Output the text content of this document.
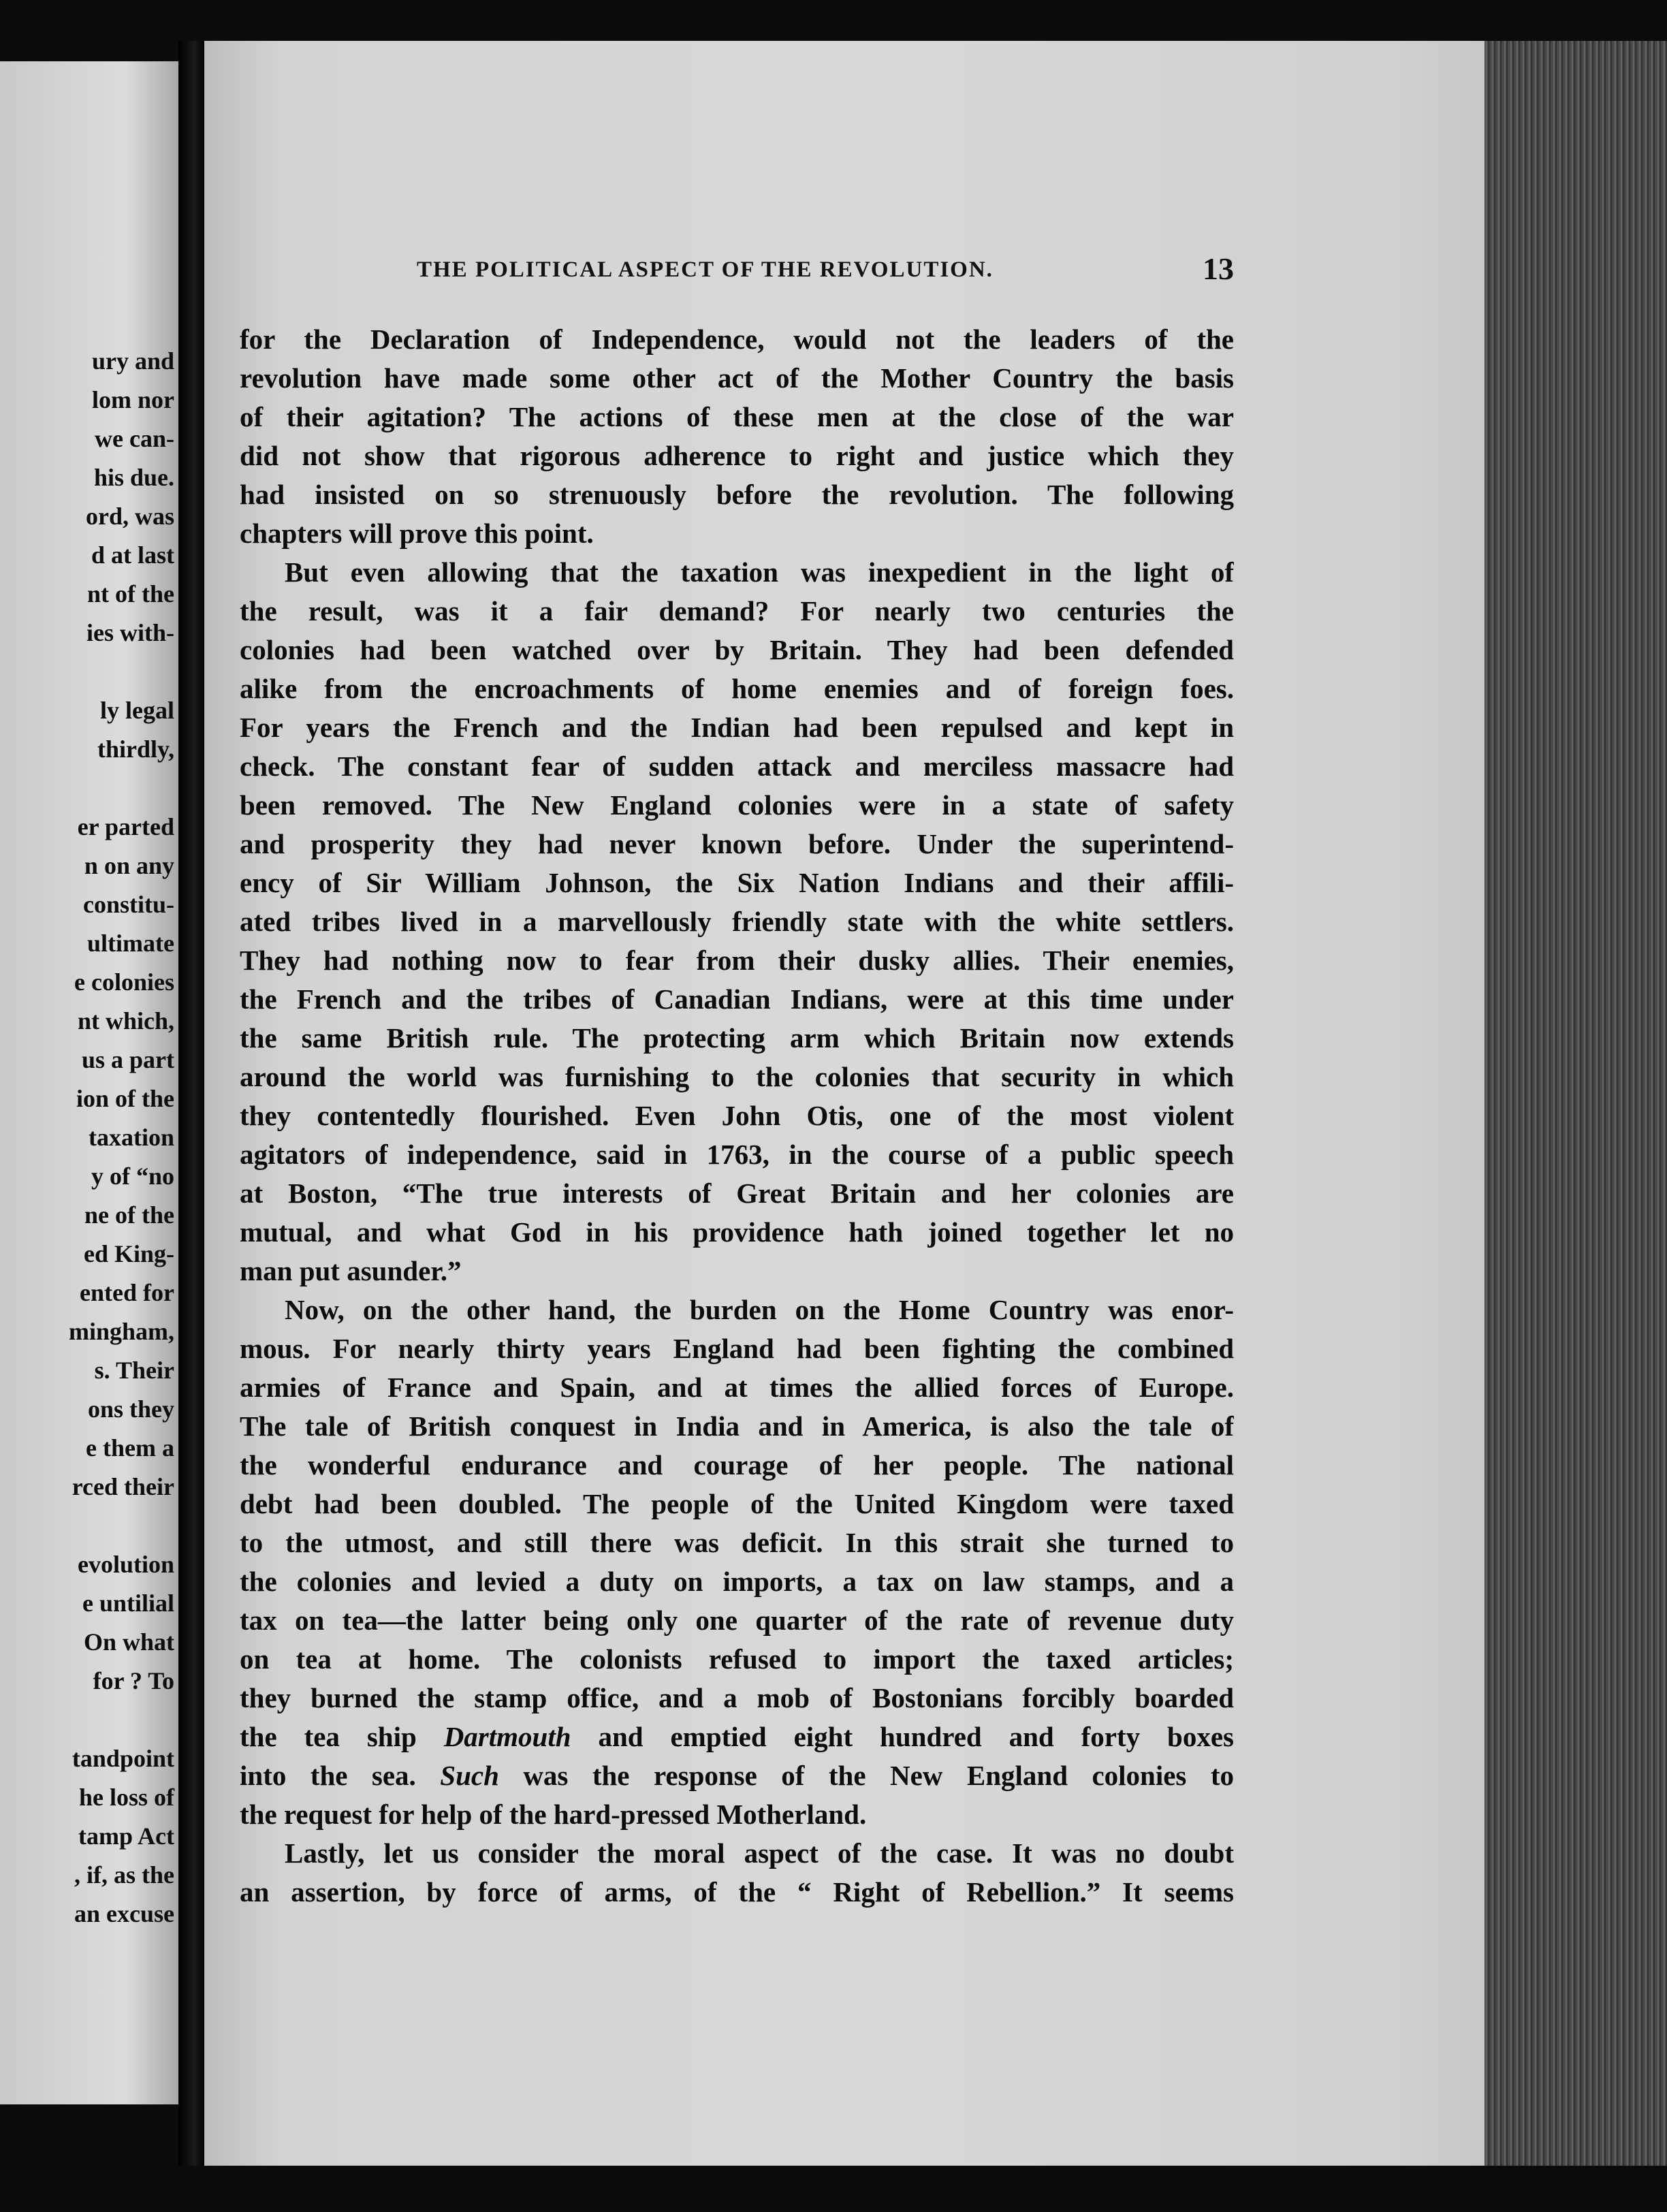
ury and
lom nor
we can-
his due.
ord, was
d at last
nt of the
ies with-
ly legal
thirdly,
er parted
n on any
constitu-
ultimate
e colonies
nt which,
us a part
ion of the
taxation
y of “no
ne of the
ed King-
ented for
mingham,
s. Their
ons they
e them a
rced their
evolution
e untilial
On what
for ? To
tandpoint
he loss of
tamp Act
, if, as the
an excuse
THE POLITICAL ASPECT OF THE REVOLUTION.	13
for the Declaration of Independence, would not the leaders of the
revolution have made some other act of the Mother Country the basis
of their agitation? The actions of these men at the close of the war
did not show that rigorous adherence to right and justice which they
had insisted on so strenuously before the revolution. The following
chapters will prove this point.
But even allowing that the taxation was inexpedient in the light of
the result, was it a fair demand? For nearly two centuries the
colonies had been watched over by Britain. They had been defended
alike from the encroachments of home enemies and of foreign foes.
For years the French and the Indian had been repulsed and kept in
check. The constant fear of sudden attack and merciless massacre had
been removed. The New England colonies were in a state of safety
and prosperity they had never known before. Under the superintend-
ency of Sir William Johnson, the Six Nation Indians and their affili-
ated tribes lived in a marvellously friendly state with the white settlers.
They had nothing now to fear from their dusky allies. Their enemies,
the French and the tribes of Canadian Indians, were at this time under
the same British rule. The protecting arm which Britain now extends
around the world was furnishing to the colonies that security in which
they contentedly flourished. Even John Otis, one of the most violent
agitators of independence, said in 1763, in the course of a public speech
at Boston, “The true interests of Great Britain and her colonies are
mutual, and what God in his providence hath joined together let no
man put asunder.”
Now, on the other hand, the burden on the Home Country was enor-
mous. For nearly thirty years England had been fighting the combined
armies of France and Spain, and at times the allied forces of Europe.
The tale of British conquest in India and in America, is also the tale of
the wonderful endurance and courage of her people. The national
debt had been doubled. The people of the United Kingdom were taxed
to the utmost, and still there was deficit. In this strait she turned to
the colonies and levied a duty on imports, a tax on law stamps, and a
tax on tea—the latter being only one quarter of the rate of revenue duty
on tea at home. The colonists refused to import the taxed articles;
they burned the stamp office, and a mob of Bostonians forcibly boarded
the tea ship Dartmouth and emptied eight hundred and forty boxes
into the sea. Such was the response of the New England colonies to
the request for help of the hard-pressed Motherland.
Lastly, let us consider the moral aspect of the case. It was no doubt
an assertion, by force of arms, of the “ Right of Rebellion.” It seems
